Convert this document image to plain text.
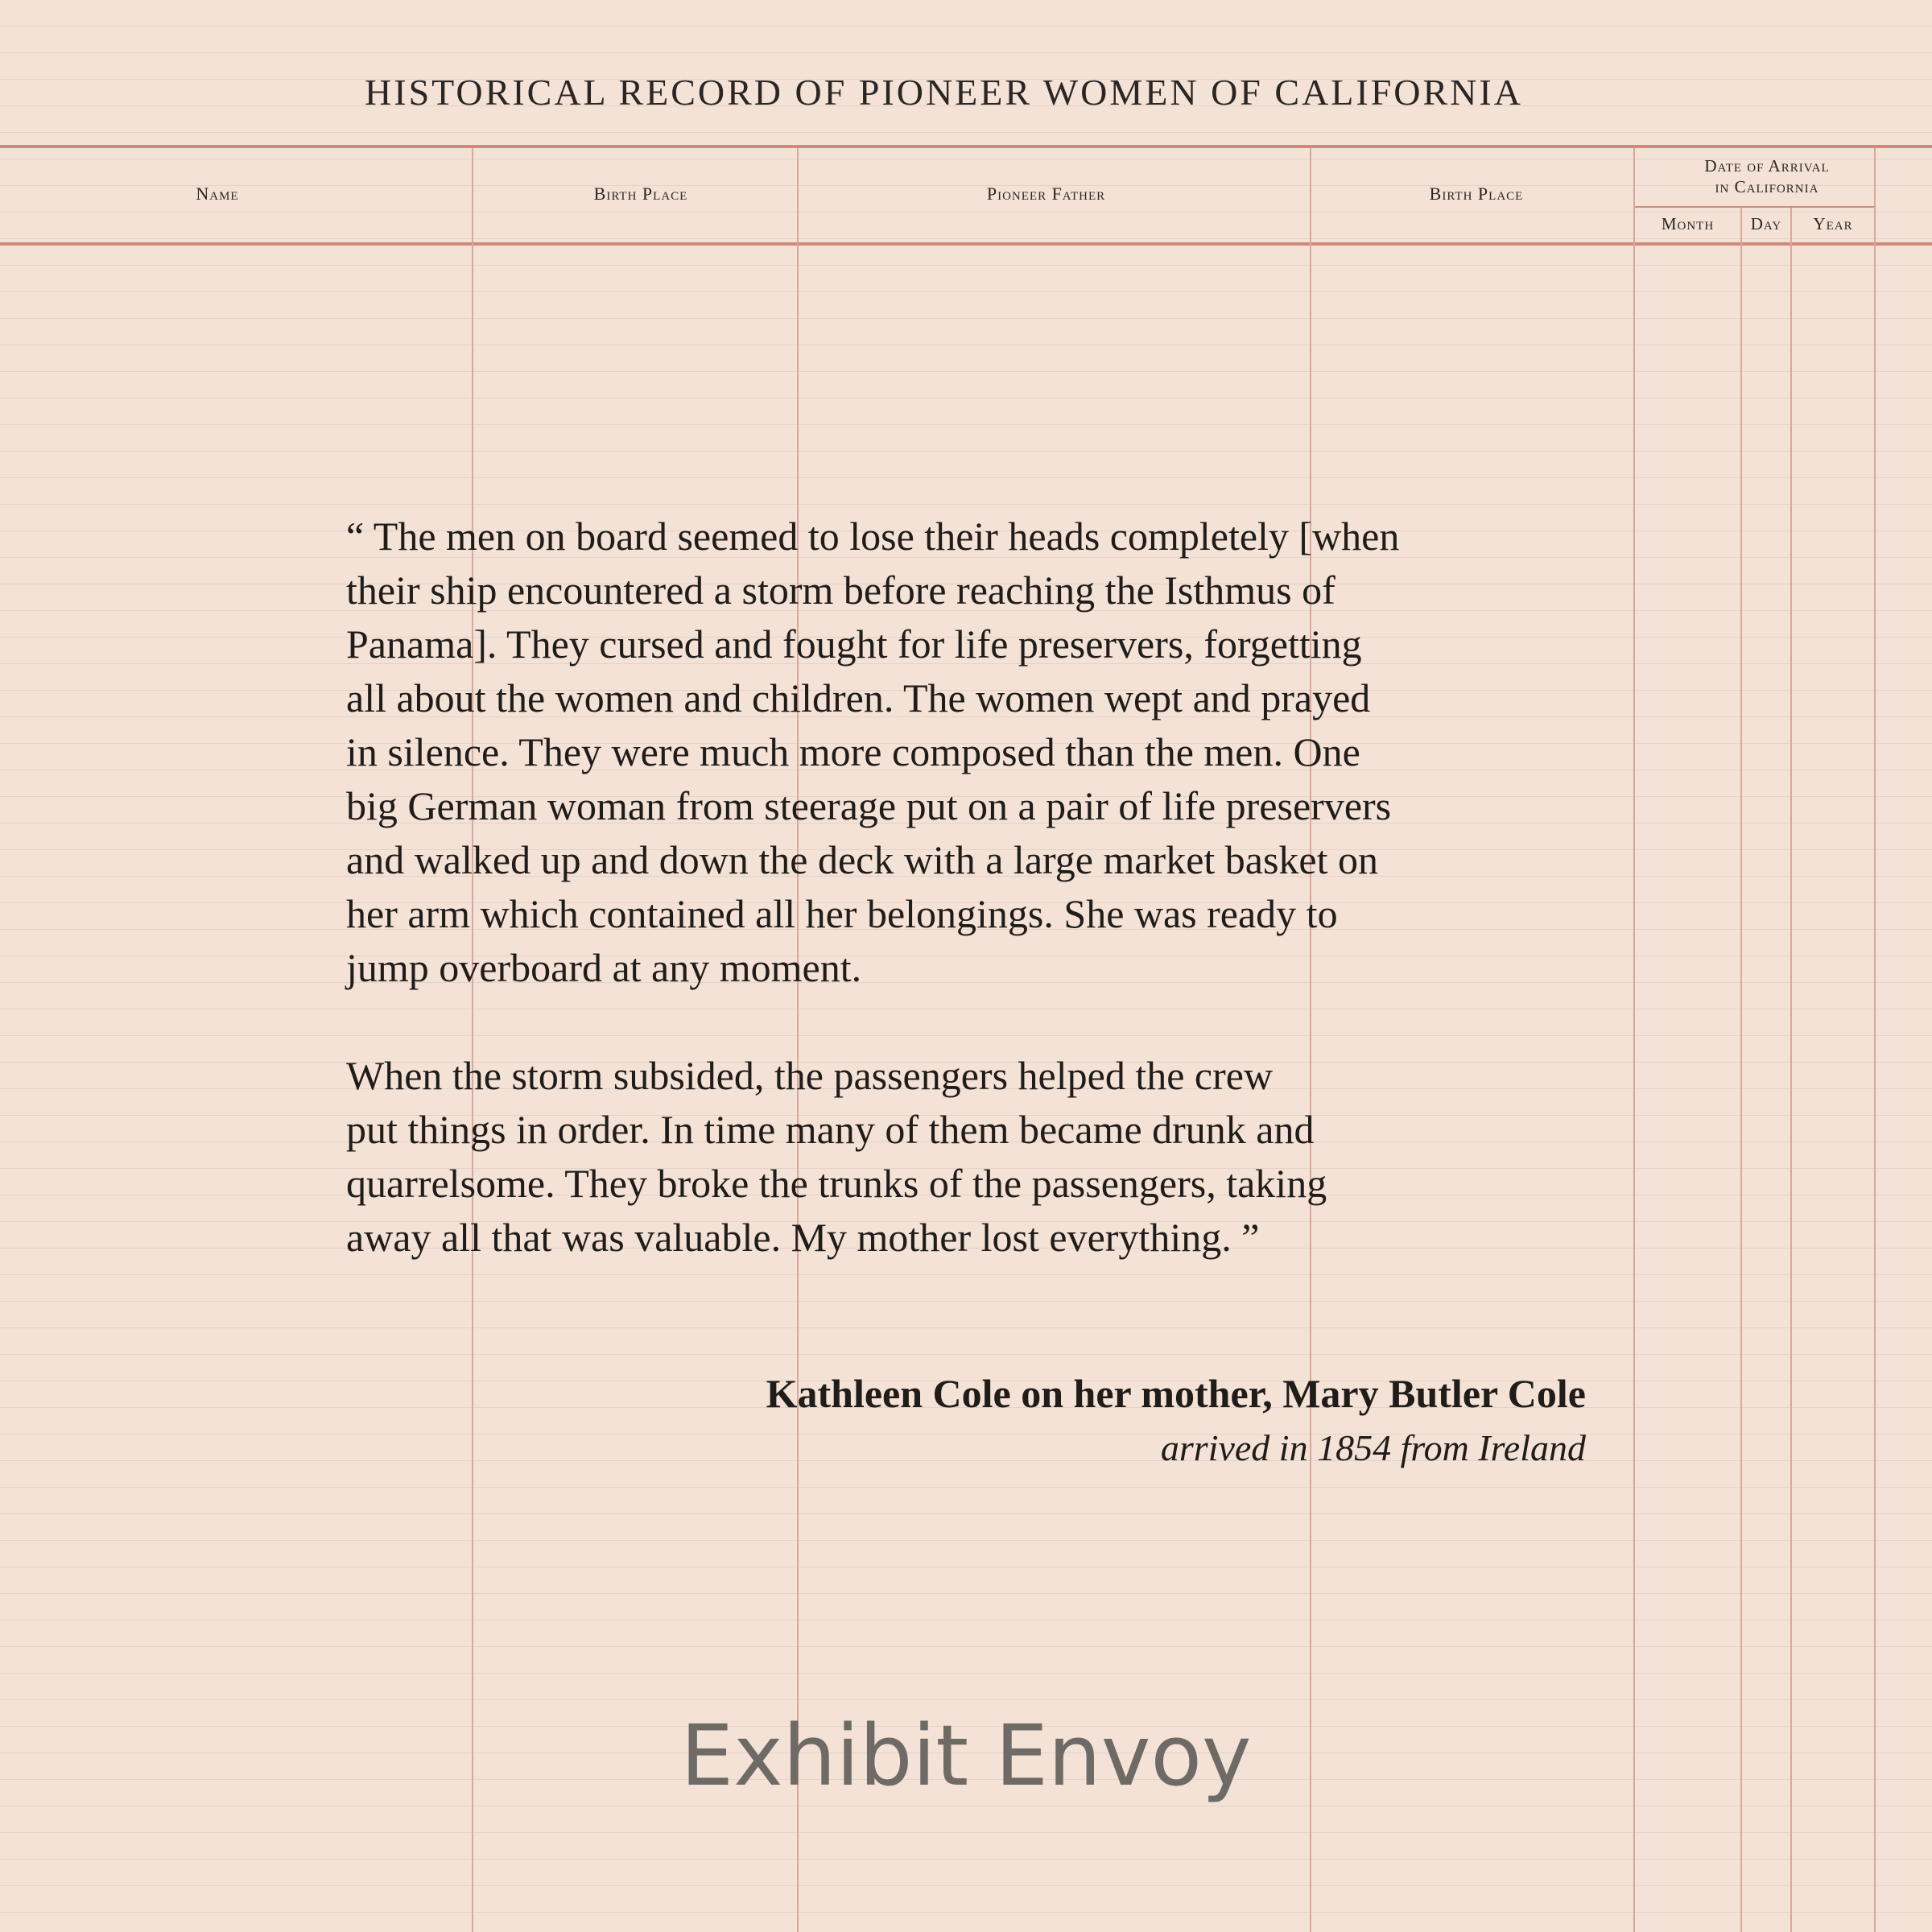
HISTORICAL RECORD OF PIONEER WOMEN OF CALIFORNIA
Name	Birth Place	Pioneer Father	Birth Place
Date of Arrival
in California
Month	Day	Year
“ The men on board seemed to lose their heads completely [when
their ship encountered a storm before reaching the Isthmus of
Panama]. They cursed and fought for life preservers, forgetting
all about the women and children. The women wept and prayed
in silence. They were much more composed than the men. One
big German woman from steerage put on a pair of life preservers
and walked up and down the deck with a large market basket on
her arm which contained all her belongings. She was ready to
jump overboard at any moment.
When the storm subsided, the passengers helped the crew
put things in order. In time many of them became drunk and
quarrelsome. They broke the trunks of the passengers, taking
away all that was valuable. My mother lost everything. ”
Kathleen Cole on her mother, Mary Butler Cole
arrived in 1854 from Ireland
Exhibit Envoy
